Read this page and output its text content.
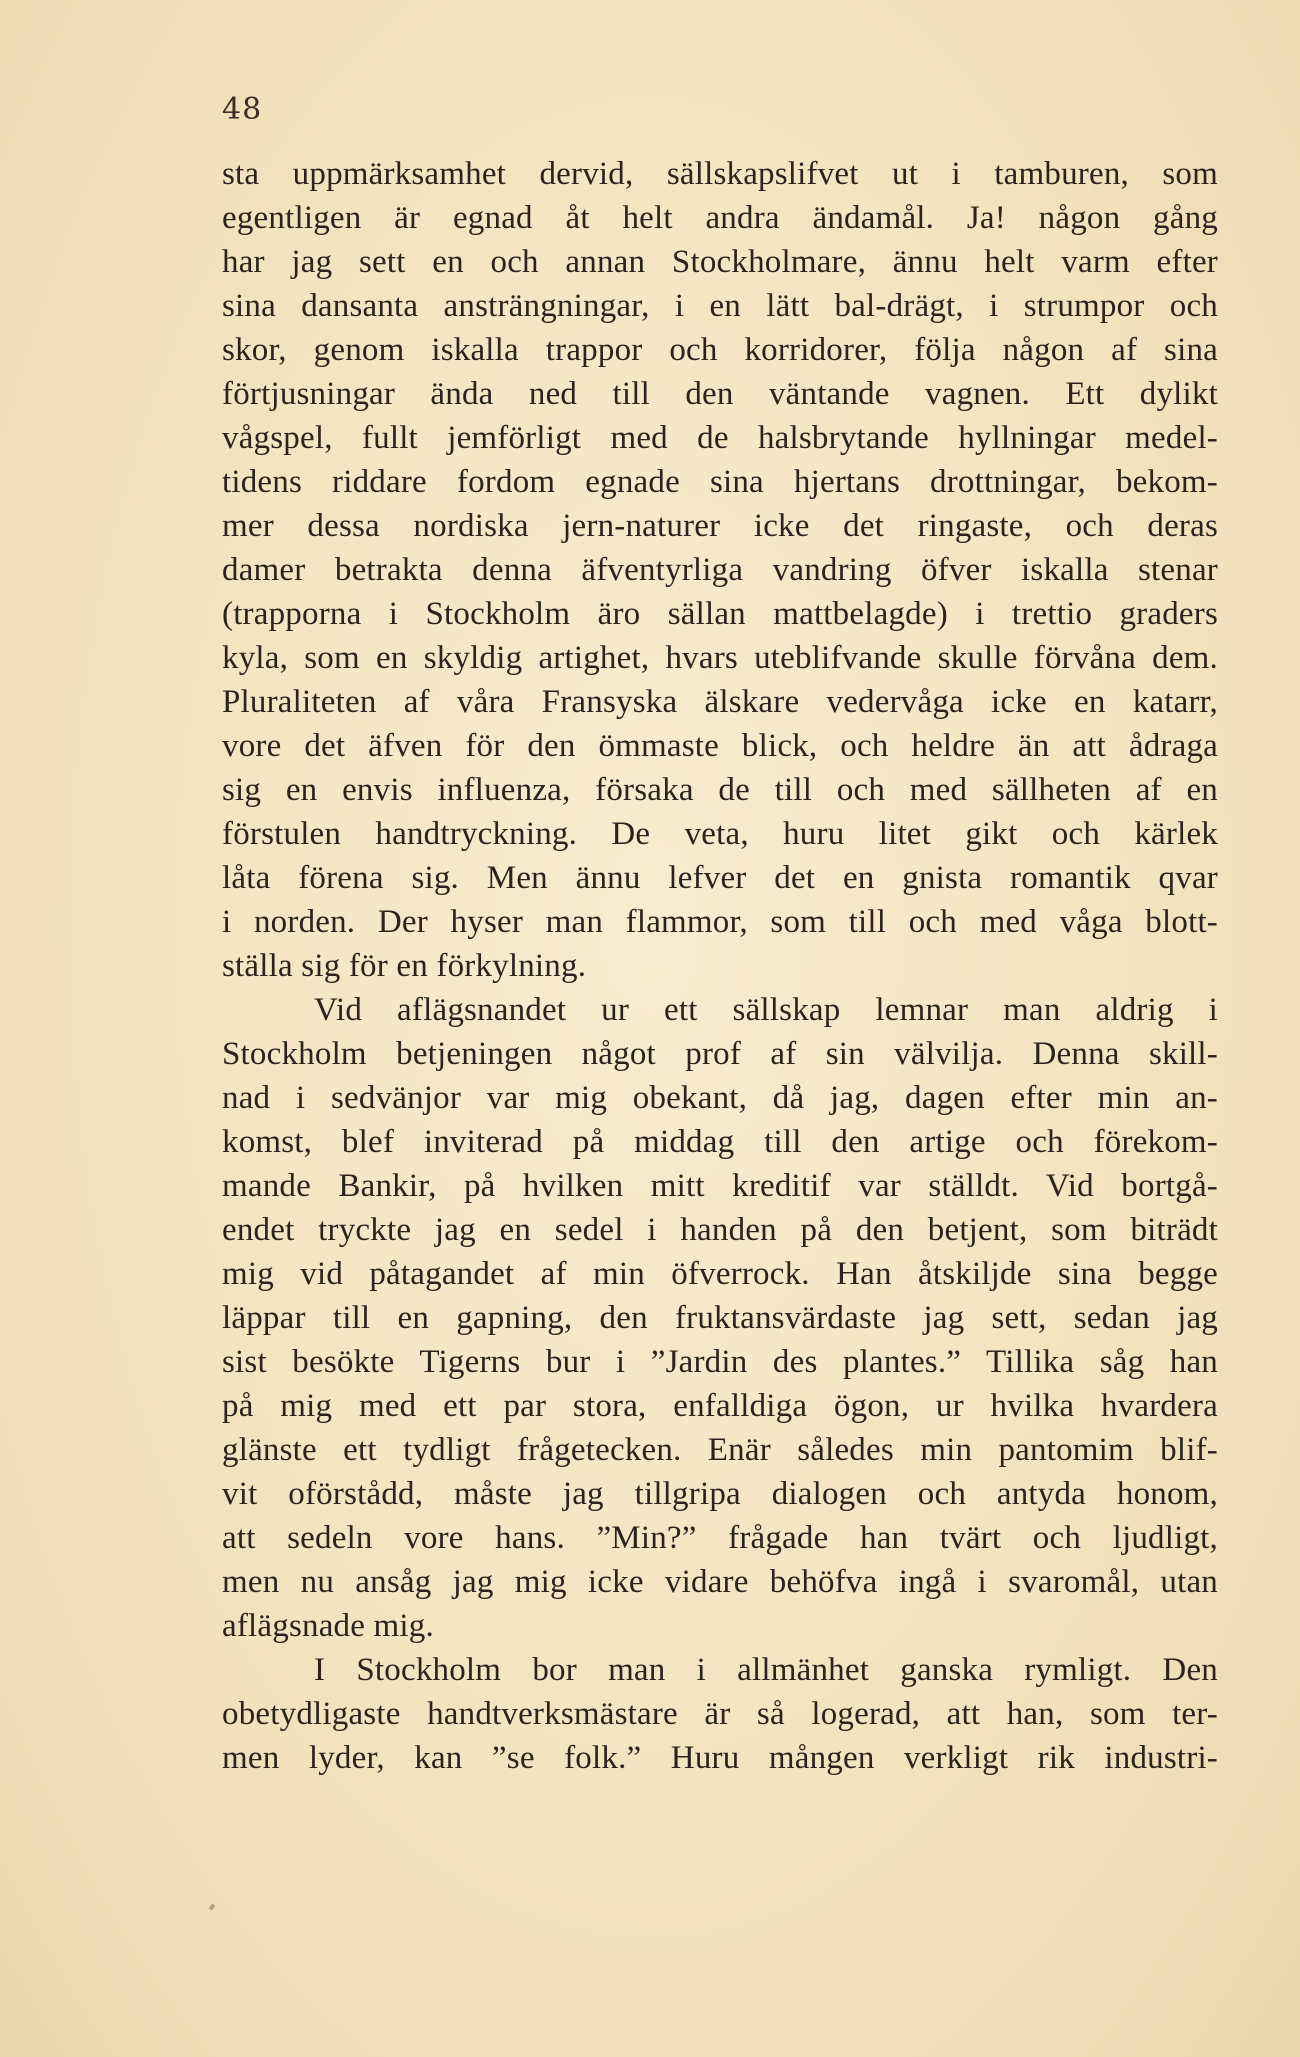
48
sta uppmärksamhet dervid, sällskapslifvet ut i tamburen, som
egentligen är egnad åt helt andra ändamål. Ja! någon gång
har jag sett en och annan Stockholmare, ännu helt varm efter
sina dansanta ansträngningar, i en lätt bal-drägt, i strumpor och
skor, genom iskalla trappor och korridorer, följa någon af sina
förtjusningar ända ned till den väntande vagnen. Ett dylikt
vågspel, fullt jemförligt med de halsbrytande hyllningar medel-
tidens riddare fordom egnade sina hjertans drottningar, bekom-
mer dessa nordiska jern-naturer icke det ringaste, och deras
damer betrakta denna äfventyrliga vandring öfver iskalla stenar
(trapporna i Stockholm äro sällan mattbelagde) i trettio graders
kyla, som en skyldig artighet, hvars uteblifvande skulle förvåna dem.
Pluraliteten af våra Fransyska älskare vedervåga icke en katarr,
vore det äfven för den ömmaste blick, och heldre än att ådraga
sig en envis influenza, försaka de till och med sällheten af en
förstulen handtryckning. De veta, huru litet gikt och kärlek
låta förena sig. Men ännu lefver det en gnista romantik qvar
i norden. Der hyser man flammor, som till och med våga blott-
ställa sig för en förkylning.
Vid aflägsnandet ur ett sällskap lemnar man aldrig i
Stockholm betjeningen något prof af sin välvilja. Denna skill-
nad i sedvänjor var mig obekant, då jag, dagen efter min an-
komst, blef inviterad på middag till den artige och förekom-
mande Bankir, på hvilken mitt kreditif var ställdt. Vid bortgå-
endet tryckte jag en sedel i handen på den betjent, som biträdt
mig vid påtagandet af min öfverrock. Han åtskiljde sina begge
läppar till en gapning, den fruktansvärdaste jag sett, sedan jag
sist besökte Tigerns bur i ”Jardin des plantes.” Tillika såg han
på mig med ett par stora, enfalldiga ögon, ur hvilka hvardera
glänste ett tydligt frågetecken. Enär således min pantomim blif-
vit oförstådd, måste jag tillgripa dialogen och antyda honom,
att sedeln vore hans. ”Min?” frågade han tvärt och ljudligt,
men nu ansåg jag mig icke vidare behöfva ingå i svaromål, utan
aflägsnade mig.
I Stockholm bor man i allmänhet ganska rymligt. Den
obetydligaste handtverksmästare är så logerad, att han, som ter-
men lyder, kan ”se folk.” Huru mången verkligt rik industri-
